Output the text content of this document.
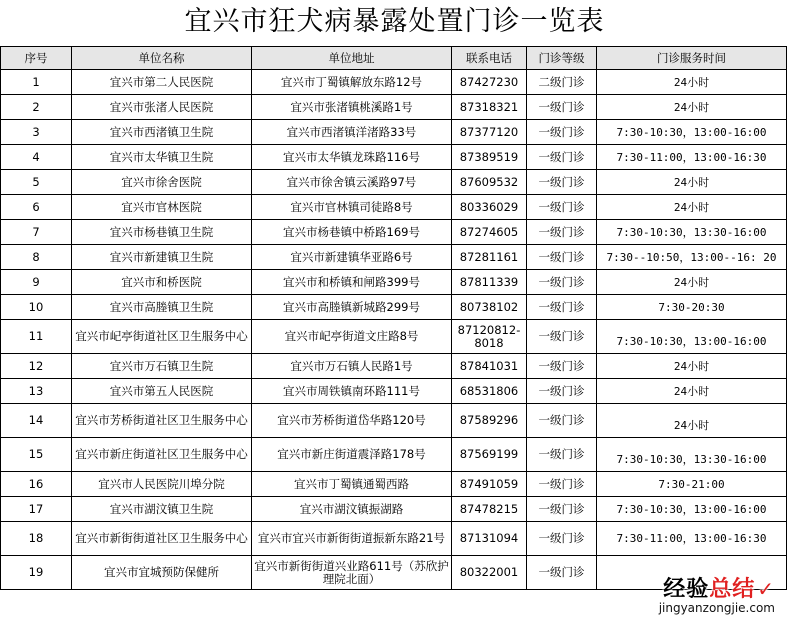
宜兴市狂犬病暴露处置门诊一览表
序号	单位名称	单位地址	联系电话	门诊等级	门诊服务时间
1	宜兴市第二人民医院	宜兴市丁蜀镇解放东路12号	87427230	二级门诊	24小时
2	宜兴市张渚人民医院	宜兴市张渚镇桃溪路1号	87318321	一级门诊	24小时
3	宜兴市西渚镇卫生院	宜兴市西渚镇洋渚路33号	87377120	一级门诊	7:30-10:30，13:00-16:00
4	宜兴市太华镇卫生院	宜兴市太华镇龙珠路116号	87389519	一级门诊	7:30-11:00，13:00-16:30
5	宜兴市徐舍医院	宜兴市徐舍镇云溪路97号	87609532	一级门诊	24小时
6	宜兴市官林医院	宜兴市官林镇司徒路8号	80336029	一级门诊	24小时
7	宜兴市杨巷镇卫生院	宜兴市杨巷镇中桥路169号	87274605	一级门诊	7:30-10:30，13:30-16:00
8	宜兴市新建镇卫生院	宜兴市新建镇华亚路6号	87281161	一级门诊	7:30--10:50，13:00--16: 20
9	宜兴市和桥医院	宜兴市和桥镇和闸路399号	87811339	一级门诊	24小时
10	宜兴市高塍镇卫生院	宜兴市高塍镇新城路299号	80738102	一级门诊	7:30-20:30
11	宜兴市屺亭街道社区卫生服务中心	宜兴市屺亭街道文庄路8号	87120812-8018	一级门诊	7:30-10:30，13:00-16:00
12	宜兴市万石镇卫生院	宜兴市万石镇人民路1号	87841031	一级门诊	24小时
13	宜兴市第五人民医院	宜兴市周铁镇南环路111号	68531806	一级门诊	24小时
14	宜兴市芳桥街道社区卫生服务中心	宜兴市芳桥街道岱华路120号	87589296	一级门诊	24小时
15	宜兴市新庄街道社区卫生服务中心	宜兴市新庄街道震泽路178号	87569199	一级门诊	7:30-10:30，13:30-16:00
16	宜兴市人民医院川埠分院	宜兴市丁蜀镇通蜀西路	87491059	一级门诊	7:30-21:00
17	宜兴市湖汶镇卫生院	宜兴市湖汶镇振湖路	87478215	一级门诊	7:30-10:30，13:00-16:00
18	宜兴市新街街道社区卫生服务中心	宜兴市宜兴市新街街道振新东路21号	87131094	一级门诊	7:30-11:00，13:00-16:30
19	宜兴市宜城预防保健所	宜兴市新街街道兴业路611号（苏欣护理院北面）	80322001	一级门诊	
经验总结 ✓
jingyanzongjie.com
